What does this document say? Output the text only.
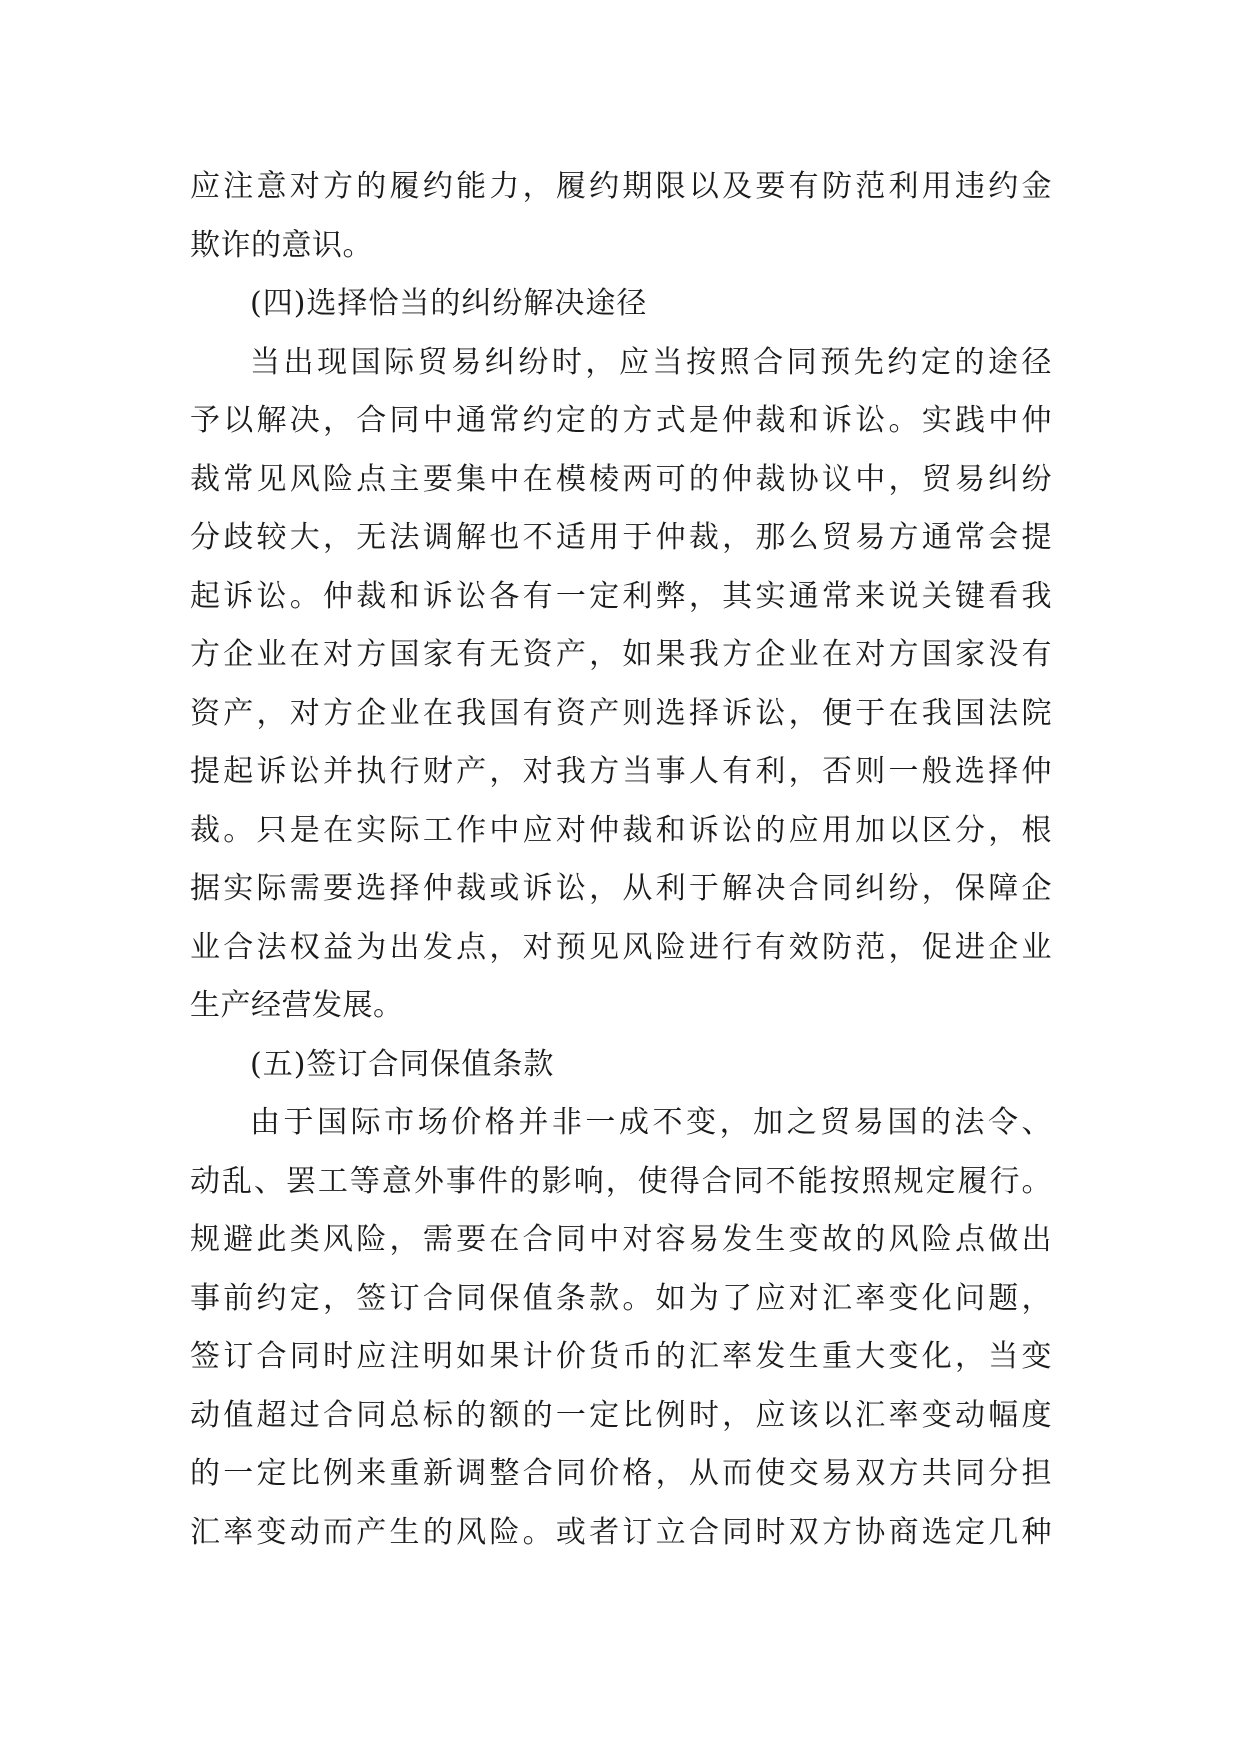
应注意对方的履约能力，履约期限以及要有防范利用违约金
欺诈的意识。
(四)选择恰当的纠纷解决途径
当出现国际贸易纠纷时，应当按照合同预先约定的途径
予以解决，合同中通常约定的方式是仲裁和诉讼。实践中仲
裁常见风险点主要集中在模棱两可的仲裁协议中，贸易纠纷
分歧较大，无法调解也不适用于仲裁，那么贸易方通常会提
起诉讼。仲裁和诉讼各有一定利弊，其实通常来说关键看我
方企业在对方国家有无资产，如果我方企业在对方国家没有
资产，对方企业在我国有资产则选择诉讼，便于在我国法院
提起诉讼并执行财产，对我方当事人有利，否则一般选择仲
裁。只是在实际工作中应对仲裁和诉讼的应用加以区分，根
据实际需要选择仲裁或诉讼，从利于解决合同纠纷，保障企
业合法权益为出发点，对预见风险进行有效防范，促进企业
生产经营发展。
(五)签订合同保值条款
由于国际市场价格并非一成不变，加之贸易国的法令、
动乱、罢工等意外事件的影响，使得合同不能按照规定履行。
规避此类风险，需要在合同中对容易发生变故的风险点做出
事前约定，签订合同保值条款。如为了应对汇率变化问题，
签订合同时应注明如果计价货币的汇率发生重大变化，当变
动值超过合同总标的额的一定比例时，应该以汇率变动幅度
的一定比例来重新调整合同价格，从而使交易双方共同分担
汇率变动而产生的风险。或者订立合同时双方协商选定几种
